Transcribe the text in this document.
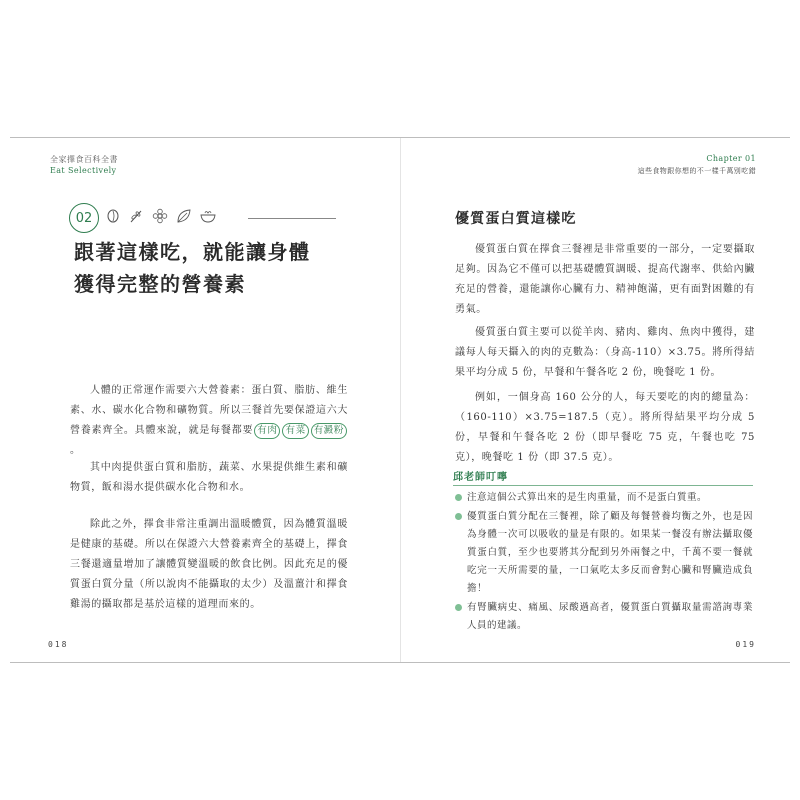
全家擇食百科全書
Eat Selectively
02
跟著這樣吃，就能讓身體
獲得完整的營養素
人體的正常運作需要六大營養素：蛋白質、脂肪、維生素、水、碳水化合物和礦物質。所以三餐首先要保證這六大營養素齊全。具體來說，就是每餐都要 有肉 有菜 有澱粉。
其中肉提供蛋白質和脂肪，蔬菜、水果提供維生素和礦物質，飯和湯水提供碳水化合物和水。
除此之外，擇食非常注重調出溫暖體質，因為體質溫暖是健康的基礎。所以在保證六大營養素齊全的基礎上，擇食三餐還適量增加了讓體質變溫暖的飲食比例。因此充足的優質蛋白質分量（所以說肉不能攝取的太少）及溫薑汁和擇食雞湯的攝取都是基於這樣的道理而來的。
018
Chapter 01
這些食物跟你想的不一樣千萬別吃錯
優質蛋白質這樣吃
優質蛋白質在擇食三餐裡是非常重要的一部分，一定要攝取足夠。因為它不僅可以把基礎體質調暖、提高代謝率、供給內臟充足的營養，還能讓你心臟有力、精神飽滿，更有面對困難的有勇氣。
優質蛋白質主要可以從羊肉、豬肉、雞肉、魚肉中獲得，建議每人每天攝入的肉的克數為：（身高-110）×3.75。將所得結果平均分成 5 份，早餐和午餐各吃 2 份，晚餐吃 1 份。
例如，一個身高 160 公分的人，每天要吃的肉的總量為：（160-110）×3.75=187.5（克）。將所得結果平均分成 5 份，早餐和午餐各吃 2 份（即早餐吃 75 克，午餐也吃 75 克），晚餐吃 1 份（即 37.5 克）。
邱老師叮嚀
注意這個公式算出來的是生肉重量，而不是蛋白質重。
優質蛋白質分配在三餐裡，除了顧及每餐營養均衡之外，也是因為身體一次可以吸收的量是有限的。如果某一餐沒有辦法攝取優質蛋白質，至少也要將其分配到另外兩餐之中，千萬不要一餐就吃完一天所需要的量，一口氣吃太多反而會對心臟和腎臟造成負擔！
有腎臟病史、痛風、尿酸過高者，優質蛋白質攝取量需諮詢專業人員的建議。
019
